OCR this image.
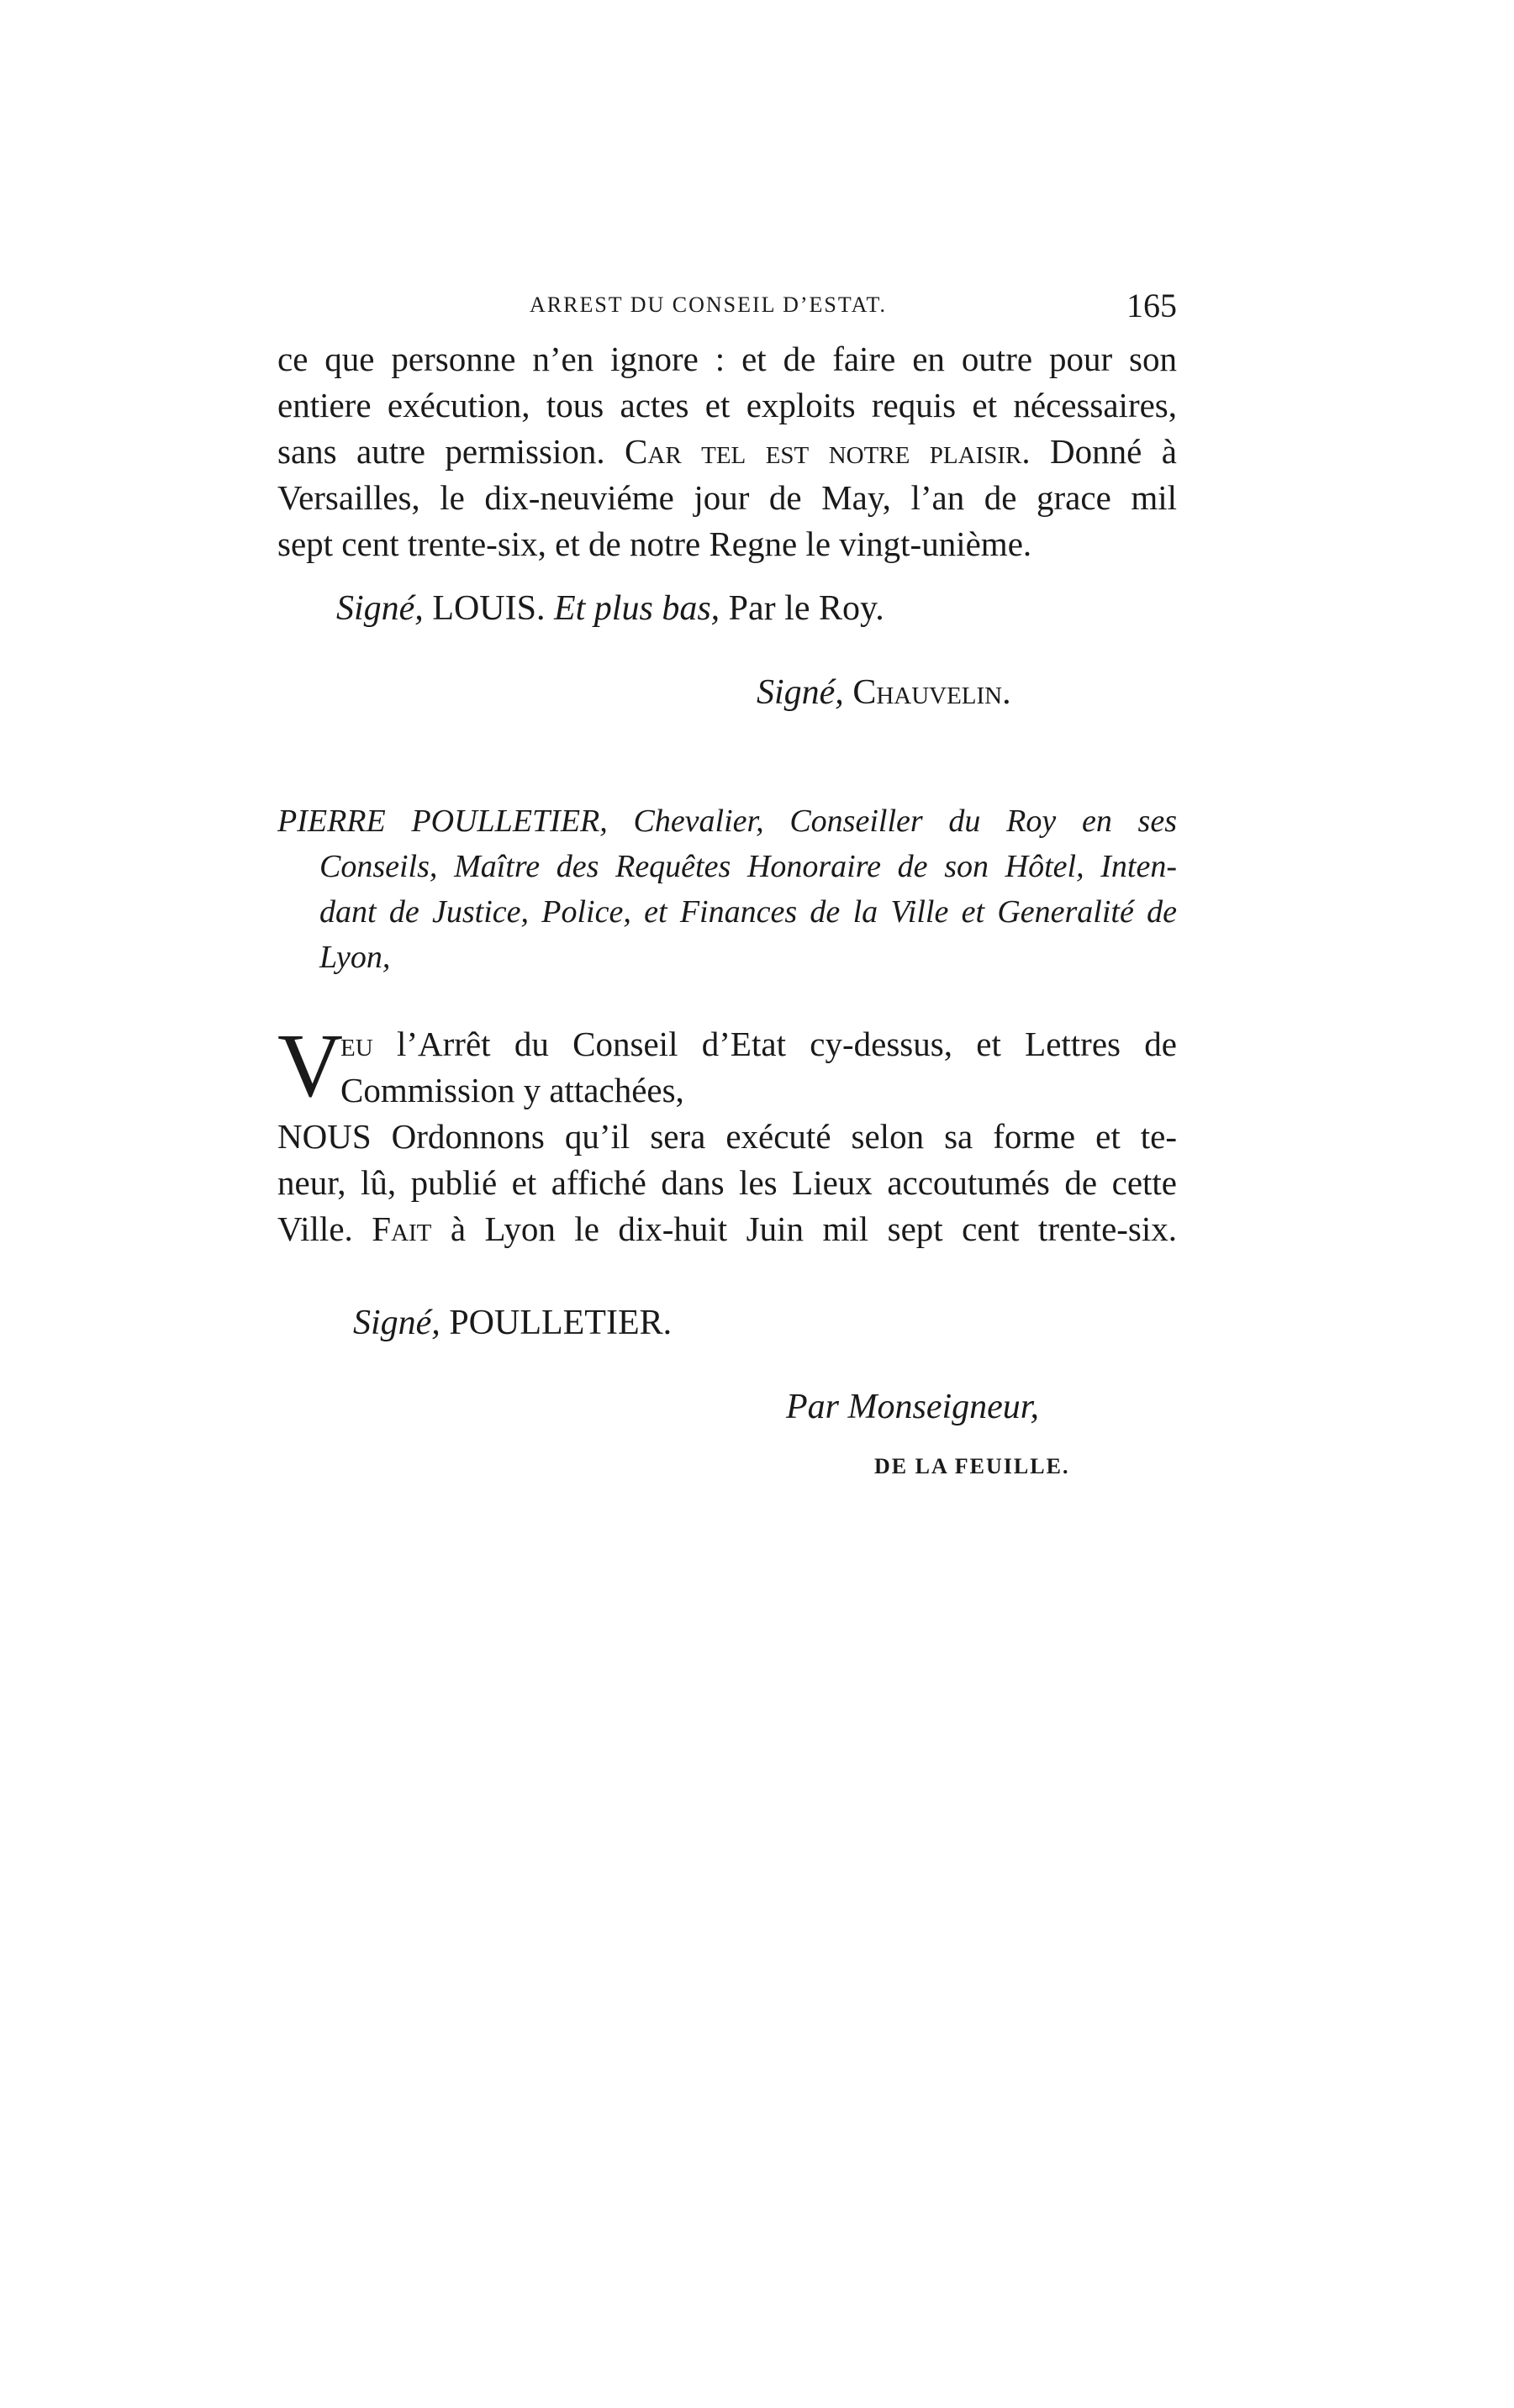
ARREST DU CONSEIL D’ESTAT.	165
ce que personne n’en ignore : et de faire en outre pour son
entiere exécution, tous actes et exploits requis et nécessaires,
sans autre permission. Car tel est notre plaisir. Donné à
Versailles, le dix-neuviéme jour de May, l’an de grace mil
sept cent trente-six, et de notre Regne le vingt-unième.
Signé, LOUIS. Et plus bas, Par le Roy.
Signé, Chauvelin.
PIERRE POULLETIER, Chevalier, Conseiller du Roy en ses
Conseils, Maître des Requêtes Honoraire de son Hôtel, Inten-
dant de Justice, Police, et Finances de la Ville et Generalité de
Lyon,
V
eu l’Arrêt du Conseil d’Etat cy-dessus, et Lettres de
Commission y attachées,
NOUS Ordonnons qu’il sera exécuté selon sa forme et te-
neur, lû, publié et affiché dans les Lieux accoutumés de cette
Ville. Fait à Lyon le dix-huit Juin mil sept cent trente-six.
Signé, POULLETIER.
Par Monseigneur,
DE LA FEUILLE.
